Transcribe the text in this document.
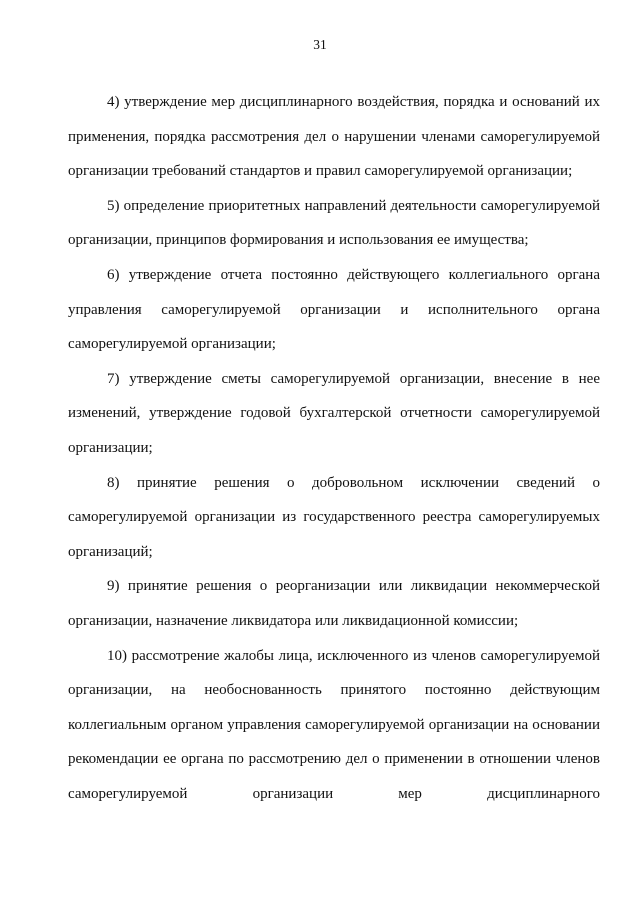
31

4) утверждение мер дисциплинарного воздействия, порядка и оснований их применения, порядка рассмотрения дел о нарушении членами саморегулируемой организации требований стандартов и правил саморегулируемой организации;

5) определение приоритетных направлений деятельности саморегулируемой организации, принципов формирования и использования ее имущества;

6) утверждение отчета постоянно действующего коллегиального органа управления саморегулируемой организации и исполнительного органа саморегулируемой организации;

7) утверждение сметы саморегулируемой организации, внесение в нее изменений, утверждение годовой бухгалтерской отчетности саморегулируемой организации;

8) принятие решения о добровольном исключении сведений о саморегулируемой организации из государственного реестра саморегулируемых организаций;

9) принятие решения о реорганизации или ликвидации некоммерческой организации, назначение ликвидатора или ликвидационной комиссии;

10) рассмотрение жалобы лица, исключенного из членов саморегулируемой организации, на необоснованность принятого постоянно действующим коллегиальным органом управления саморегулируемой организации на основании рекомендации ее органа по рассмотрению дел о применении в отношении членов саморегулируемой организации мер дисциплинарного
